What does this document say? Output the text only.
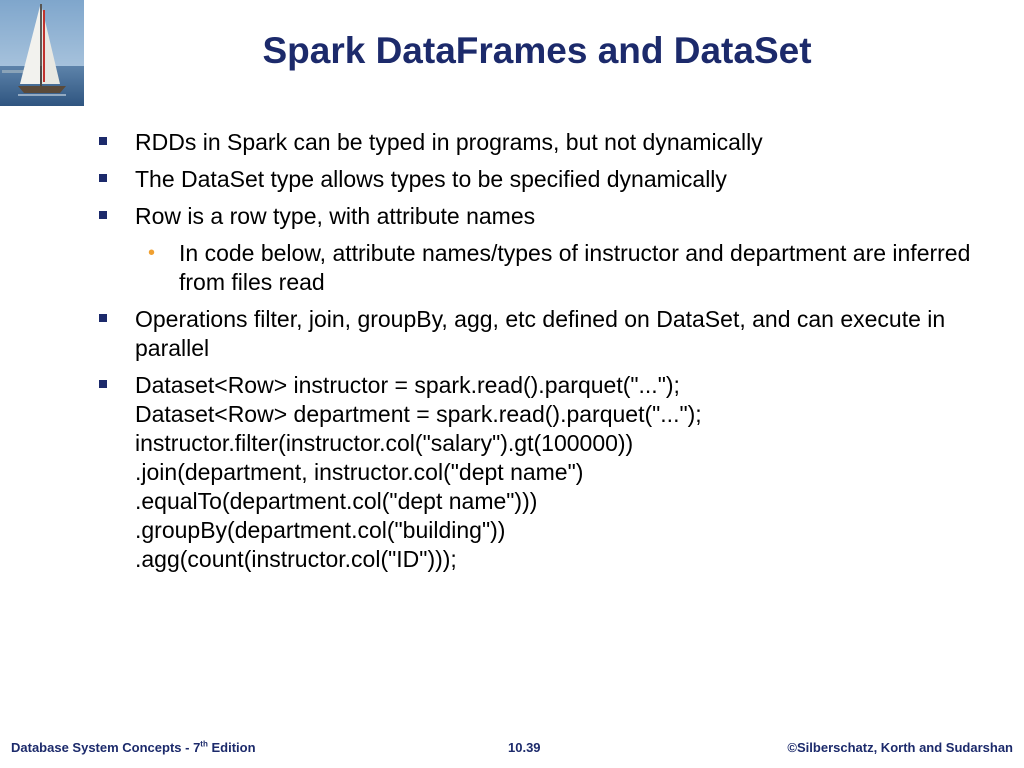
Spark DataFrames and DataSet
RDDs in Spark can be typed in programs, but not dynamically
The DataSet type allows types to be specified dynamically
Row is a row type, with attribute names
• In code below, attribute names/types of instructor and department are inferred from files read
Operations filter, join, groupBy, agg, etc defined on DataSet, and can execute in parallel
Dataset<Row> instructor = spark.read().parquet("...");
Dataset<Row> department = spark.read().parquet("...");
instructor.filter(instructor.col("salary").gt(100000))
.join(department, instructor.col("dept name")
.equalTo(department.col("dept name")))
.groupBy(department.col("building"))
.agg(count(instructor.col("ID")));
Database System Concepts - 7th Edition	10.39	©Silberschatz, Korth and Sudarshan
